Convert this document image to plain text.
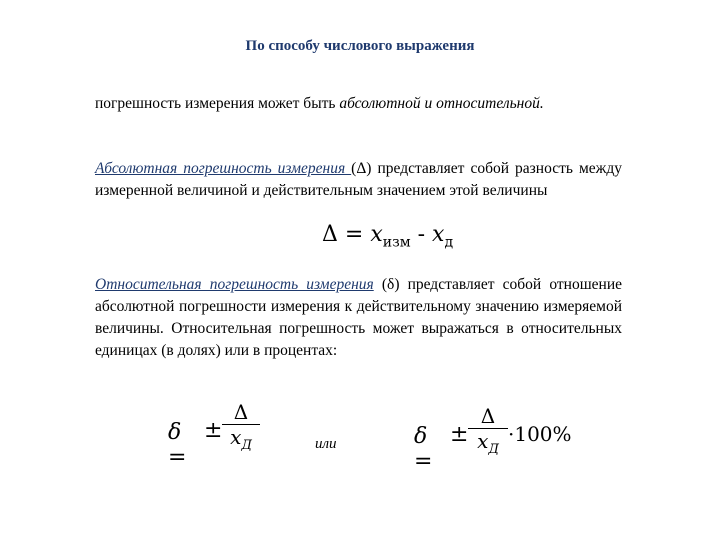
По способу числового выражения
погрешность измерения может быть абсолютной и относительной.
Абсолютная погрешность измерения (Δ) представляет собой разность между измеренной величиной и действительным значением этой величины
$\Delta = x_{изм} - x_д$
Относительная погрешность измерения (δ) представляет собой отношение абсолютной погрешности измерения к действительному значению измеряемой величины. Относительная погрешность может выражаться в относительных единицах (в долях) или в процентах:
δ =
±
Δ
$x_Д$	или	δ =
±
Δ
$x_Д$
·100%
